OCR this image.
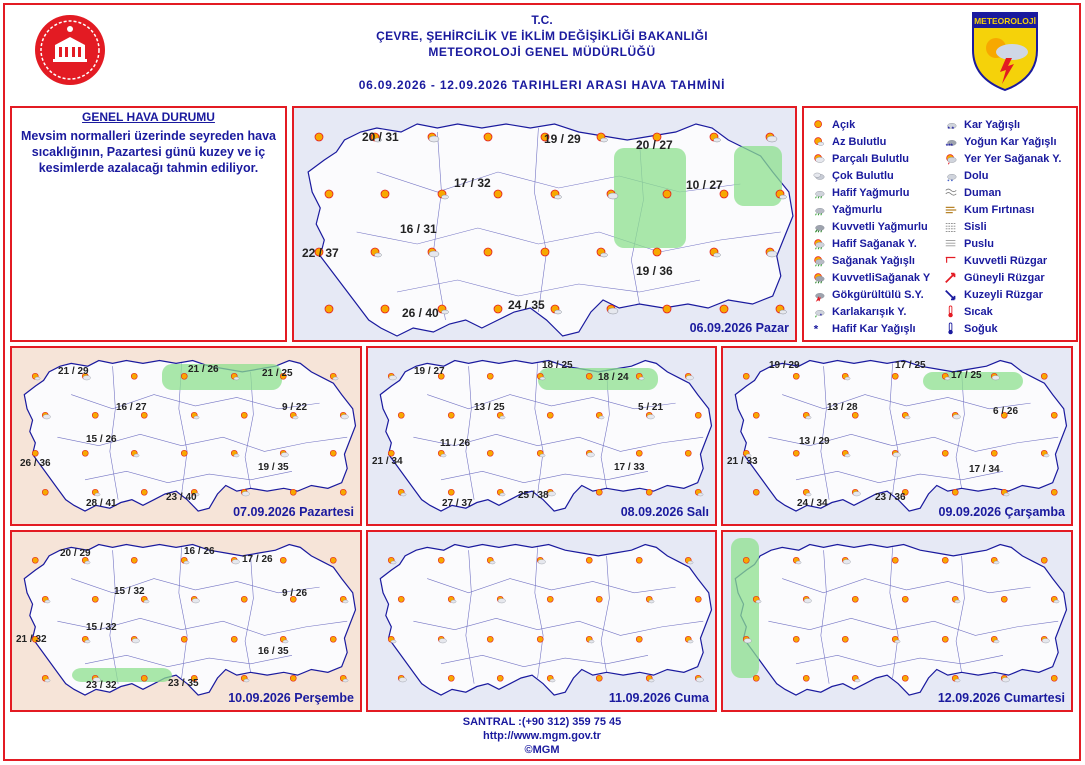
T.C.
ÇEVRE, ŞEHİRCİLİK VE İKLİM DEĞİŞİKLİĞİ BAKANLIĞI
METEOROLOJİ GENEL MÜDÜRLÜĞÜ
06.09.2026 - 12.09.2026 TARIHLERI ARASI HAVA TAHMİNİ
METEOROLOJİ
GENEL HAVA DURUMU
Mevsim normalleri üzerinde seyreden hava sıcaklığının, Pazartesi günü kuzey ve iç kesimlerde azalacağı tahmin ediliyor.
20 / 31
17 / 32
19 / 29	20 / 27
10 / 27
16 / 31
22 / 37
26 / 40
24 / 35
19 / 36
06.09.2026 Pazar
Açık
Az Bulutlu
Parçalı Bulutlu
Çok Bulutlu
Hafif Yağmurlu
Yağmurlu
Kuvvetli Yağmurlu
Hafif Sağanak Y.
Sağanak Yağışlı
KuvvetliSağanak Y
Gökgürültülü S.Y.
* Karlakarışık Y.
* Hafif Kar Yağışlı
* * Kar Yağışlı
*** Yoğun Kar Yağışlı
Yer Yer Sağanak Y.
Dolu
Duman
Kum Fırtınası
Sisli
Puslu
Kuvvetli Rüzgar
Güneyli Rüzgar
Kuzeyli Rüzgar
Sıcak
Soğuk
21 / 29	21 / 26	21 / 25
16 / 27	9 / 22
15 / 26
26 / 36	19 / 35
28 / 41
23 / 40
07.09.2026 Pazartesi
19 / 27
18 / 25
18 / 24
13 / 25	5 / 21
11 / 26
21 / 34
17 / 33
27 / 37
25 / 38
08.09.2026 Salı
19 / 29	17 / 25
17 / 25
13 / 28	6 / 26
13 / 29
21 / 33
17 / 34
24 / 34
23 / 36
09.09.2026 Çarşamba
20 / 29	16 / 26
17 / 26
15 / 32	9 / 26
15 / 32
21 / 32
16 / 35
23 / 32	23 / 35
10.09.2026 Perşembe	11.09.2026 Cuma	12.09.2026 Cumartesi
SANTRAL :(+90 312) 359 75 45
http://www.mgm.gov.tr
©MGM
